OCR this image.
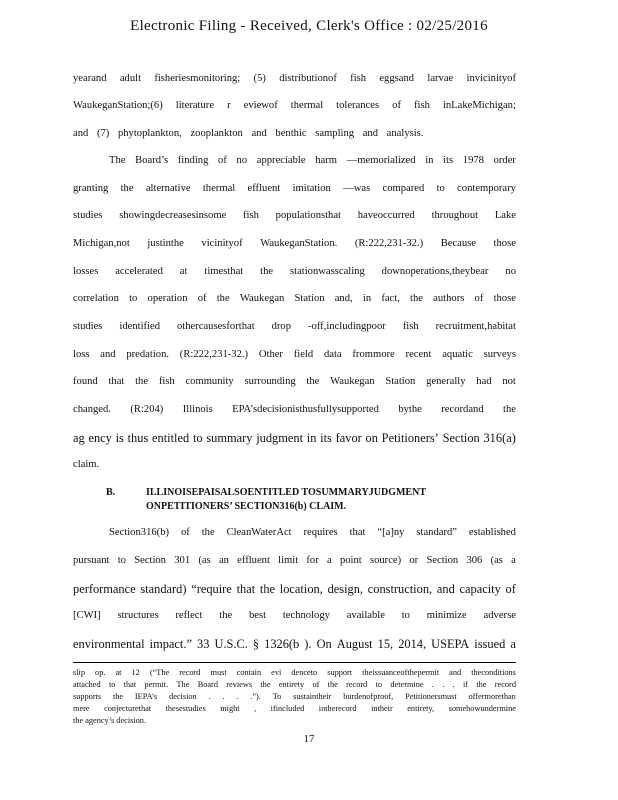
Electronic Filing - Received, Clerk's Office : 02/25/2016
yearand adult fisheriesmonitoring; (5) distributionof fish eggsand larvae invicinityof
WaukeganStation;(6) literature r eviewof thermal tolerances of fish inLakeMichigan;
and (7) phytoplankton, zooplankton and benthic sampling and analysis.
The Board’s finding of no appreciable harm —memorialized in its 1978 order
granting the alternative thermal effluent imitation —was compared to contemporary
studies showingdecreasesinsome fish populationsthat haveoccurred throughout Lake
Michigan,not justinthe vicinityof WaukeganStation. (R:222,231-32.) Because those
losses accelerated at timesthat the stationwasscaling downoperations,theybear no
correlation to operation of the Waukegan Station and, in fact, the authors of those
studies identified othercausesforthat drop -off,includingpoor fish recruitment,habitat
loss and predation. (R:222,231-32.) Other field data frommore recent aquatic surveys
found that the fish community surrounding the Waukegan Station generally had not
changed. (R:204) Illinois EPA’sdecisionisthusfullysupported bythe recordand the
ag ency is thus entitled to summary judgment in its favor on Petitioners’ Section 316(a)
claim.
B.	ILLINOISEPAISALSOENTITLED TOSUMMARYJUDGMENT
ONPETITIONERS’ SECTION316(b) CLAIM.
Section316(b) of the CleanWaterAct requires that “[a]ny standard” established
pursuant to Section 301 (as an effluent limit for a point source) or Section 306 (as a
performance standard) “require that the location, design, construction, and capacity of
[CWI] structures reflect the best technology available to minimize adverse
environmental impact.” 33 U.S.C. § 1326(b ). On August 15, 2014, USEPA issued a
slip op. at 12 (“The record must contain evi denceto support theissuanceofthepermit and theconditions
attached to that permit. The Board reviews the entirety of the record to determine . . . if the record
supports the IEPA’s decision . . . .”). To sustaintheir burdenofproof, Petitionersmust offermorethan
mere conjecturethat thesestudies might , ifincluded intherecord intheir entirety, somehowundermine
the agency’s decision.
17
